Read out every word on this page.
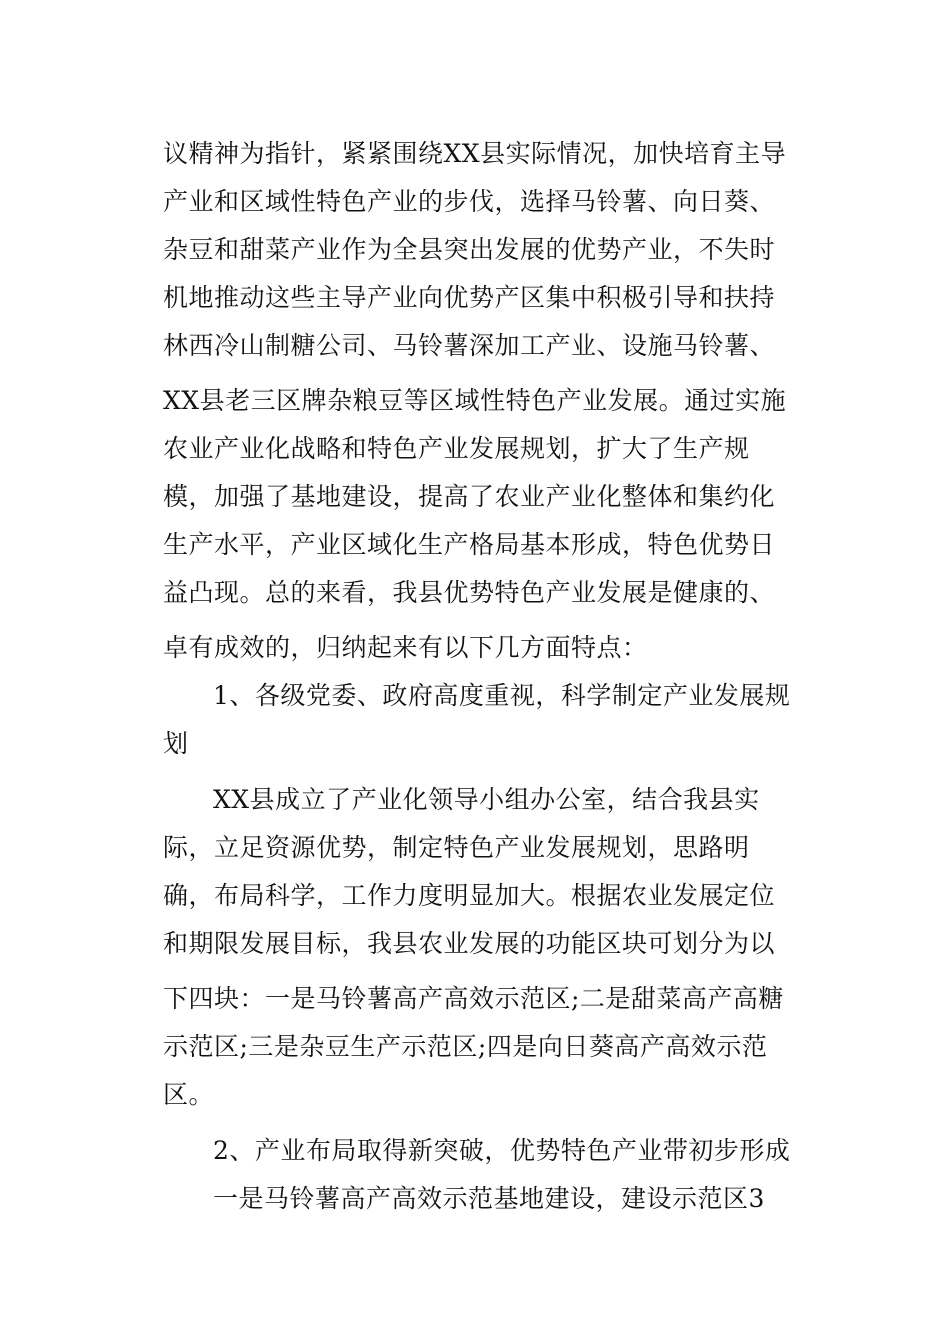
议精神为指针，紧紧围绕XX县实际情况，加快培育主导
产业和区域性特色产业的步伐，选择马铃薯、向日葵、
杂豆和甜菜产业作为全县突出发展的优势产业，不失时
机地推动这些主导产业向优势产区集中积极引导和扶持
林西冷山制糖公司、马铃薯深加工产业、设施马铃薯、
XX县老三区牌杂粮豆等区域性特色产业发展。通过实施
农业产业化战略和特色产业发展规划，扩大了生产规
模，加强了基地建设，提高了农业产业化整体和集约化
生产水平，产业区域化生产格局基本形成，特色优势日
益凸现。总的来看，我县优势特色产业发展是健康的、
卓有成效的，归纳起来有以下几方面特点：
1、各级党委、政府高度重视，科学制定产业发展规
划
XX县成立了产业化领导小组办公室，结合我县实
际，立足资源优势，制定特色产业发展规划，思路明
确，布局科学，工作力度明显加大。根据农业发展定位
和期限发展目标，我县农业发展的功能区块可划分为以
下四块：一是马铃薯高产高效示范区;二是甜菜高产高糖
示范区;三是杂豆生产示范区;四是向日葵高产高效示范
区。
2、产业布局取得新突破，优势特色产业带初步形成
一是马铃薯高产高效示范基地建设，建设示范区3
